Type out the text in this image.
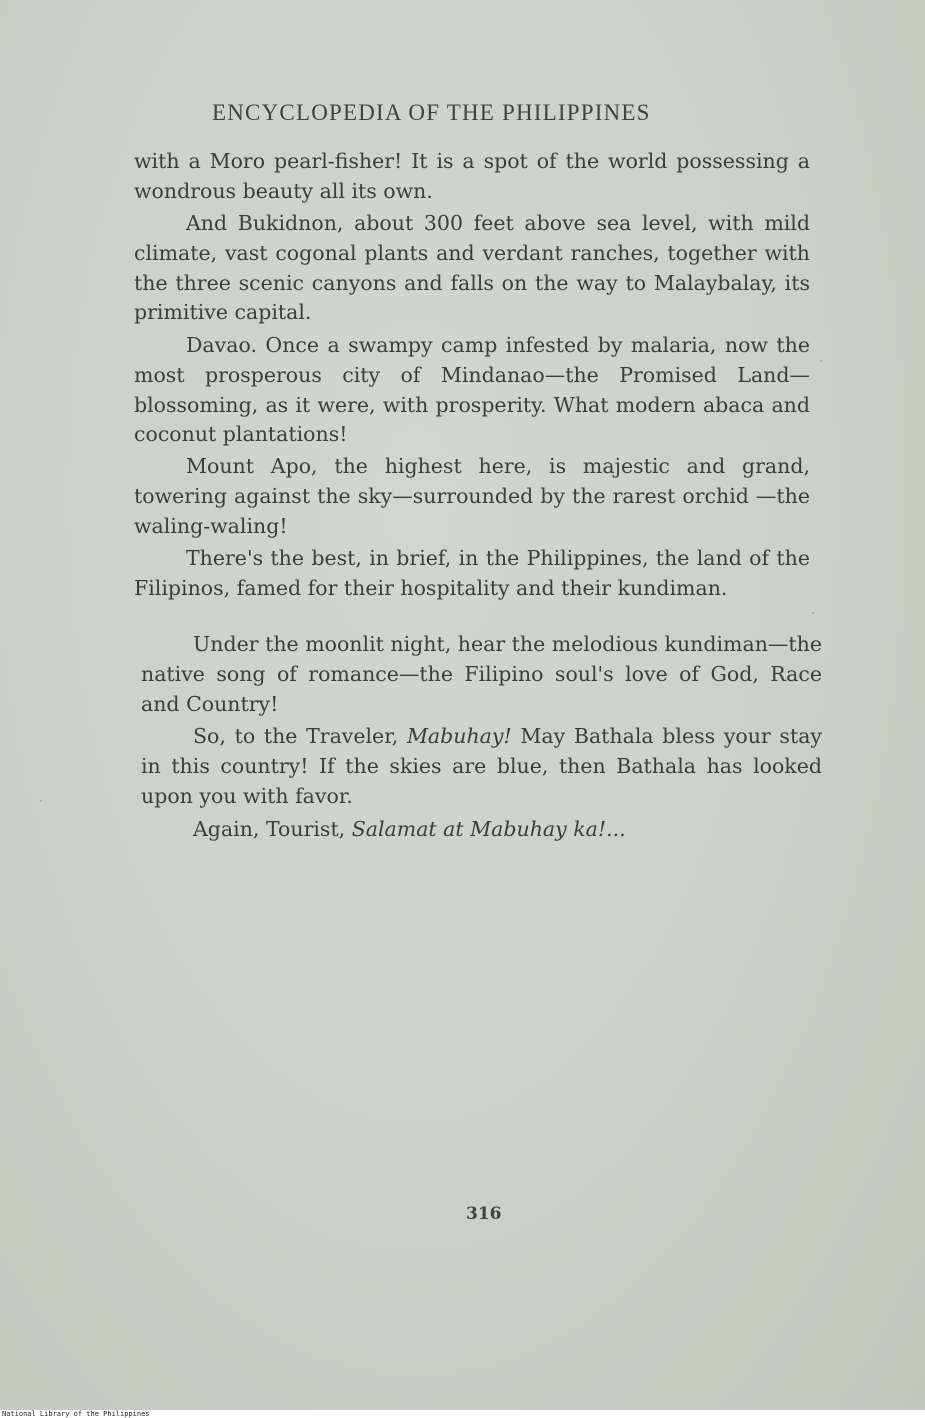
ENCYCLOPEDIA OF THE PHILIPPINES
with a Moro pearl-fisher! It is a spot of the world possessing a wondrous beauty all its own.
And Bukidnon, about 300 feet above sea level, with mild climate, vast cogonal plants and verdant ranches, together with the three scenic canyons and falls on the way to Malaybalay, its primitive capital.
Davao. Once a swampy camp infested by malaria, now the most prosperous city of Mindanao—the Promised Land—blossoming, as it were, with prosperity. What modern abaca and coconut plantations!
Mount Apo, the highest here, is majestic and grand, towering against the sky—surrounded by the rarest orchid —the waling-waling!
There's the best, in brief, in the Philippines, the land of the Filipinos, famed for their hospitality and their kundiman.
Under the moonlit night, hear the melodious kundiman—the native song of romance—the Filipino soul's love of God, Race and Country!
So, to the Traveler, Mabuhay! May Bathala bless your stay in this country! If the skies are blue, then Bathala has looked upon you with favor.
Again, Tourist, Salamat at Mabuhay ka!...
316
National Library of the Philippines
